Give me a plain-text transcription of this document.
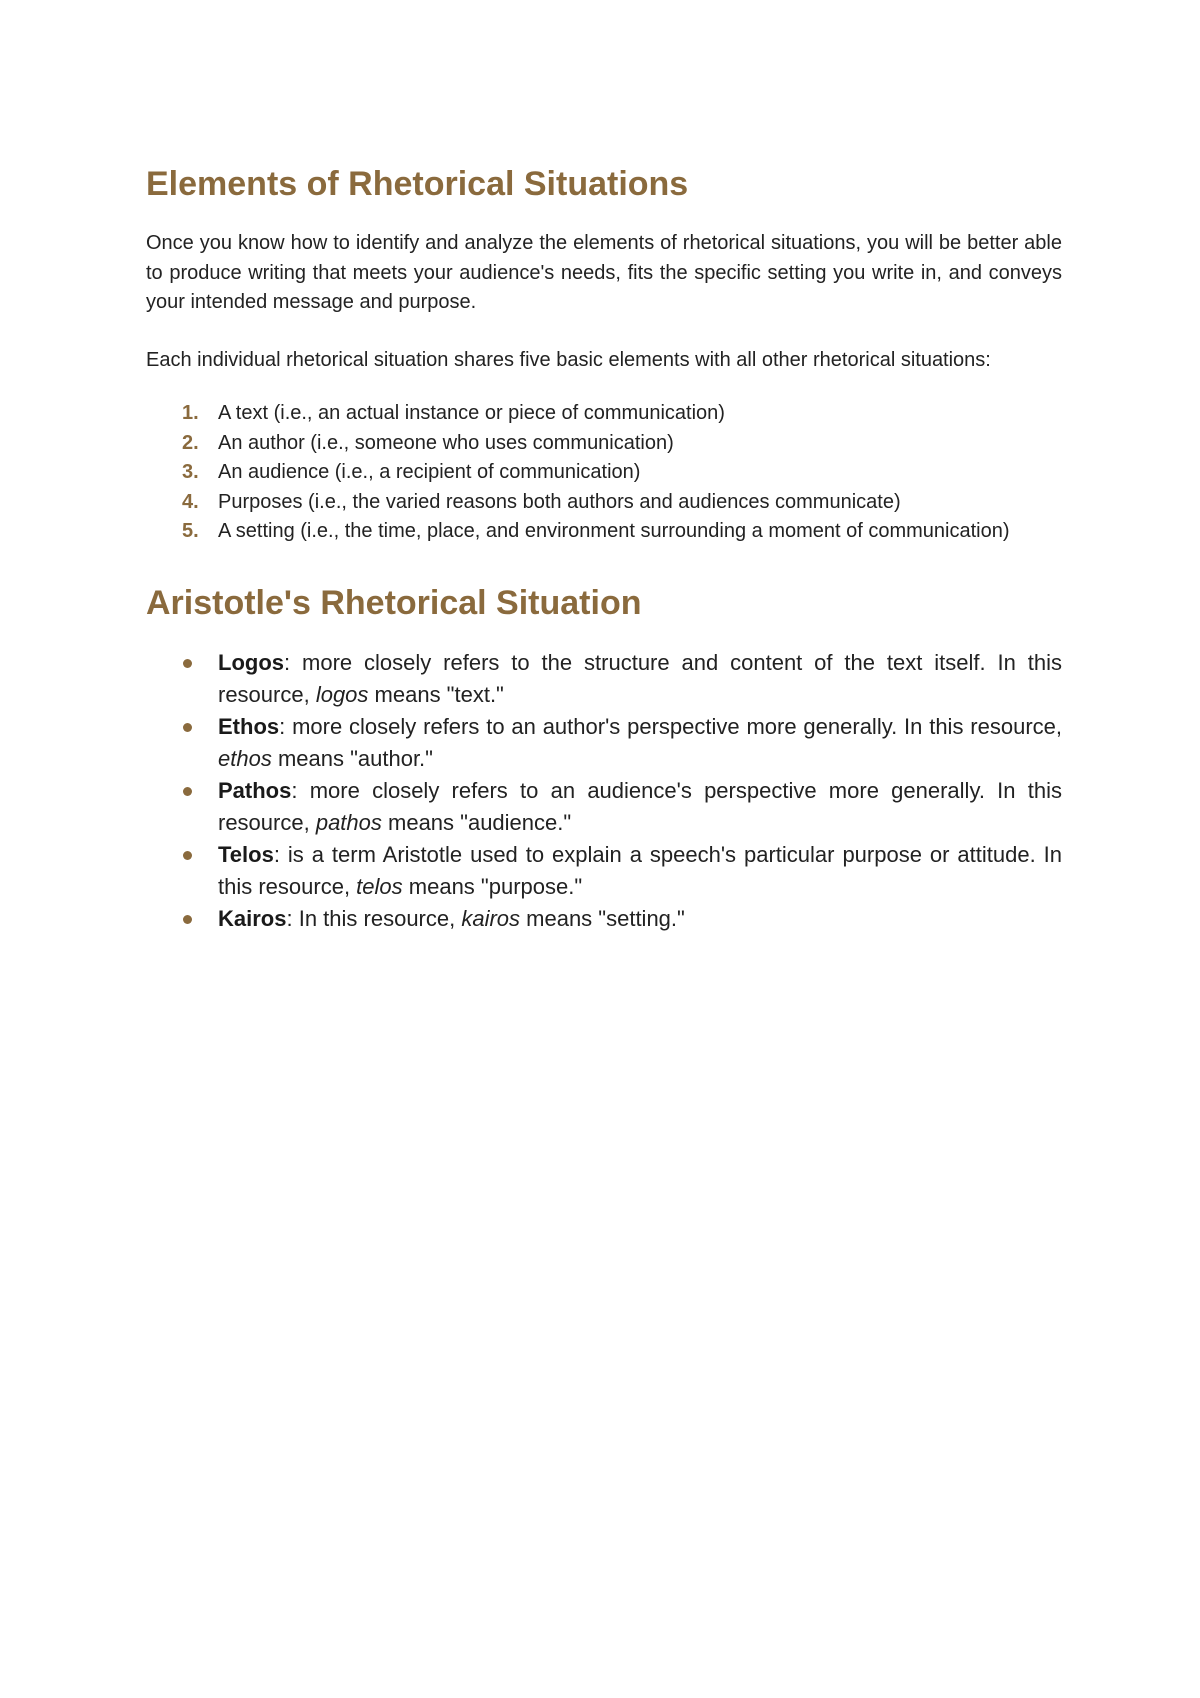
Elements of Rhetorical Situations

Once you know how to identify and analyze the elements of rhetorical situations, you will be better able to produce writing that meets your audience's needs, fits the specific setting you write in, and conveys your intended message and purpose.

Each individual rhetorical situation shares five basic elements with all other rhetorical situations:

1. A text (i.e., an actual instance or piece of communication)
2. An author (i.e., someone who uses communication)
3. An audience (i.e., a recipient of communication)
4. Purposes (i.e., the varied reasons both authors and audiences communicate)
5. A setting (i.e., the time, place, and environment surrounding a moment of communication)
Aristotle's Rhetorical Situation
Logos: more closely refers to the structure and content of the text itself. In this resource, logos means "text."
Ethos: more closely refers to an author's perspective more generally. In this resource, ethos means "author."
Pathos: more closely refers to an audience's perspective more generally. In this resource, pathos means "audience."
Telos: is a term Aristotle used to explain a speech's particular purpose or attitude. In this resource, telos means "purpose."
Kairos: In this resource, kairos means "setting."
